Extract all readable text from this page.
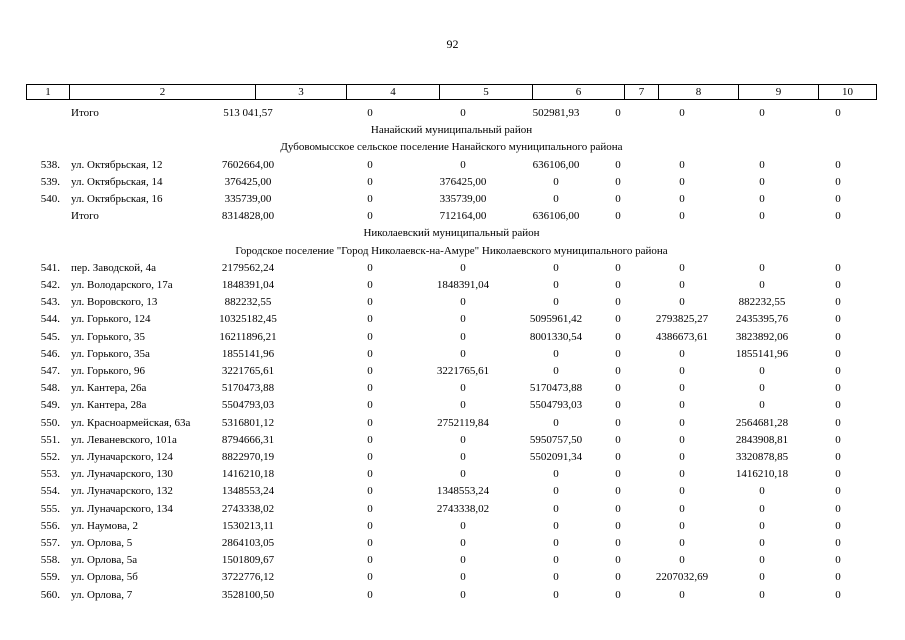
92
1	2	3	4	5	6	7	8	9	10
Итого	513 041,57	0	0	502981,93	0	0	0	0
Нанайский муниципальный район
Дубовомысское сельское поселение Нанайского муниципального района
538. ул. Октябрьская, 12	7602664,00	0	0	636106,00	0	0	0	0
539. ул. Октябрьская, 14	376425,00	0	376425,00	0	0	0	0	0
540. ул. Октябрьская, 16	335739,00	0	335739,00	0	0	0	0	0
Итого	8314828,00	0	712164,00	636106,00	0	0	0	0
Николаевский муниципальный район
Городское поселение "Город Николаевск-на-Амуре" Николаевского муниципального района
541. пер. Заводской, 4а	2179562,24	0	0	0	0	0	0	0
542. ул. Володарского, 17а	1848391,04	0	1848391,04	0	0	0	0	0
543. ул. Воровского, 13	882232,55	0	0	0	0	0	882232,55	0
544. ул. Горького, 124	10325182,45	0	0	5095961,42	0	2793825,27	2435395,76	0
545. ул. Горького, 35	16211896,21	0	0	8001330,54	0	4386673,61	3823892,06	0
546. ул. Горького, 35а	1855141,96	0	0	0	0	0	1855141,96	0
547. ул. Горького, 96	3221765,61	0	3221765,61	0	0	0	0	0
548. ул. Кантера, 26а	5170473,88	0	0	5170473,88	0	0	0	0
549. ул. Кантера, 28а	5504793,03	0	0	5504793,03	0	0	0	0
550. ул. Красноармейская, 63а	5316801,12	0	2752119,84	0	0	0	2564681,28	0
551. ул. Леваневского, 101а	8794666,31	0	0	5950757,50	0	0	2843908,81	0
552. ул. Луначарского, 124	8822970,19	0	0	5502091,34	0	0	3320878,85	0
553. ул. Луначарского, 130	1416210,18	0	0	0	0	0	1416210,18	0
554. ул. Луначарского, 132	1348553,24	0	1348553,24	0	0	0	0	0
555. ул. Луначарского, 134	2743338,02	0	2743338,02	0	0	0	0	0
556. ул. Наумова, 2	1530213,11	0	0	0	0	0	0	0
557. ул. Орлова, 5	2864103,05	0	0	0	0	0	0	0
558. ул. Орлова, 5а	1501809,67	0	0	0	0	0	0	0
559. ул. Орлова, 5б	3722776,12	0	0	0	0	2207032,69	0	0
560. ул. Орлова, 7	3528100,50	0	0	0	0	0	0	0
